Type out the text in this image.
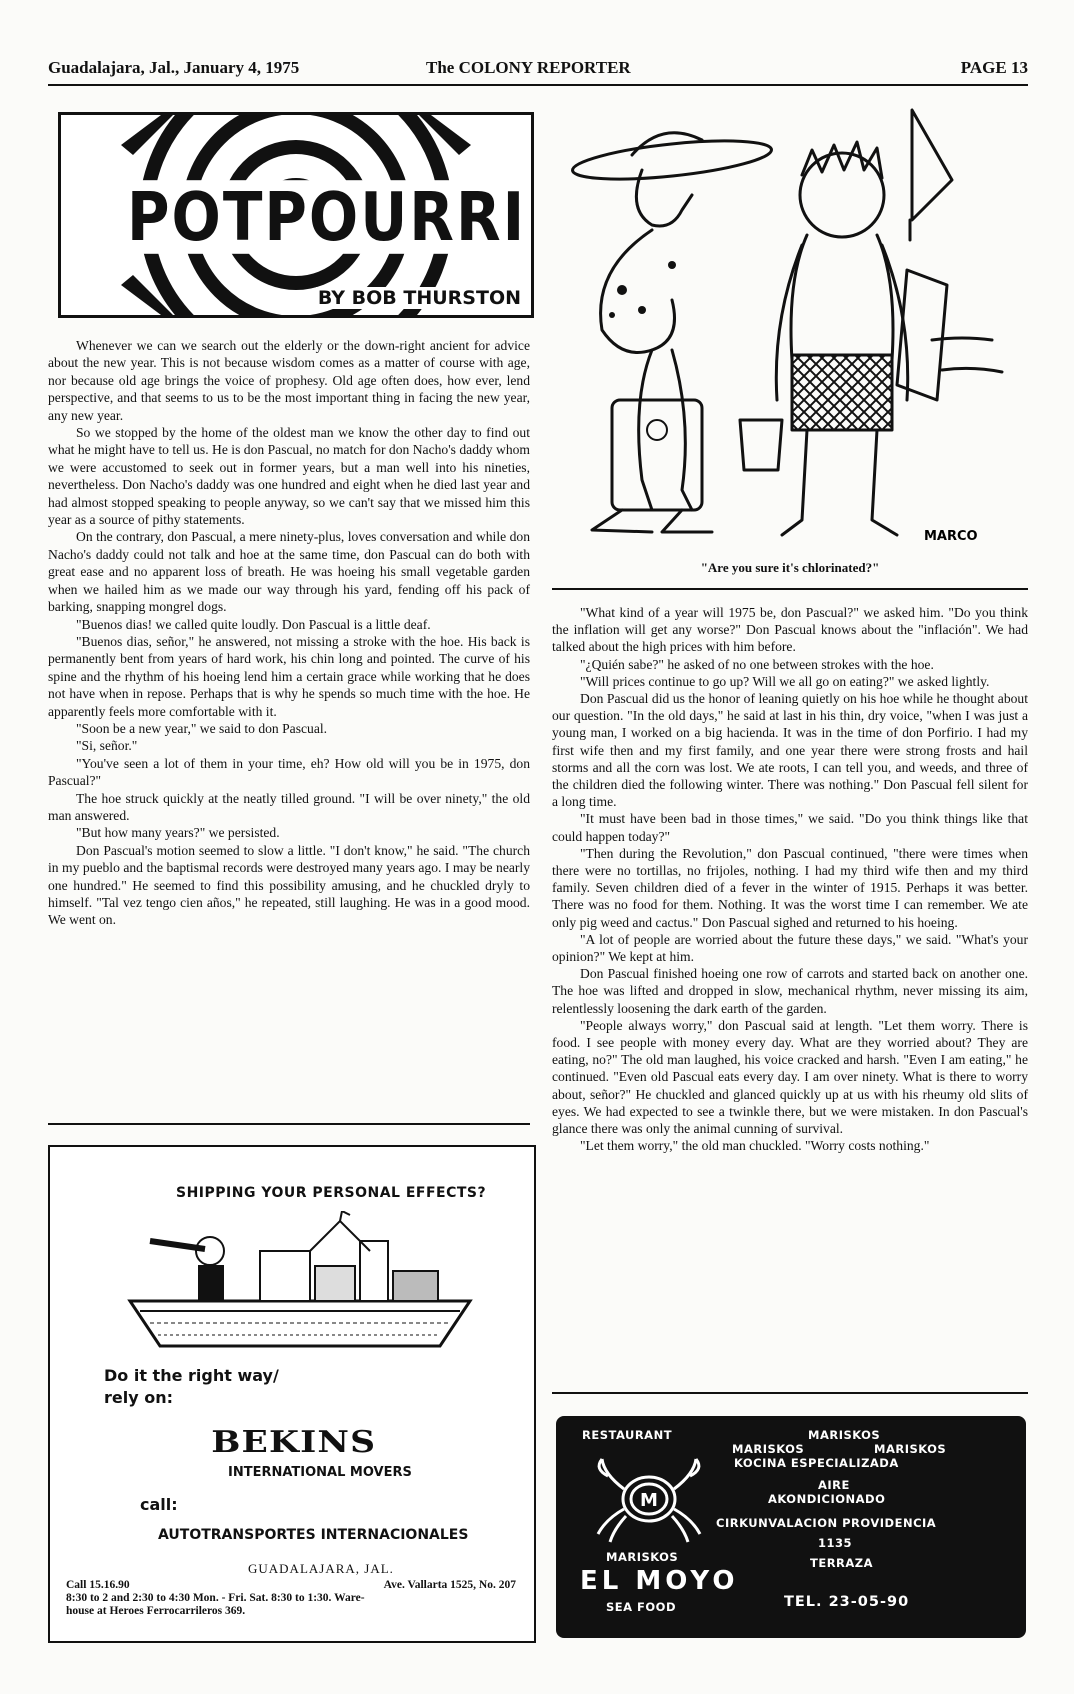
Guadalajara, Jal., January 4, 1975	The COLONY REPORTER	PAGE 13
POTPOURRI
BY BOB THURSTON

Whenever we can we search out the elderly or the down-right ancient for advice about the new year. This is not because wisdom comes as a matter of course with age, nor because old age brings the voice of prophesy. Old age often does, how ever, lend perspective, and that seems to us to be the most important thing in facing the new year, any new year.

So we stopped by the home of the oldest man we know the other day to find out what he might have to tell us. He is don Pascual, no match for don Nacho's daddy whom we were accustomed to seek out in former years, but a man well into his nineties, nevertheless. Don Nacho's daddy was one hundred and eight when he died last year and had almost stopped speaking to people anyway, so we can't say that we missed him this year as a source of pithy statements.

On the contrary, don Pascual, a mere ninety-plus, loves conversation and while don Nacho's daddy could not talk and hoe at the same time, don Pascual can do both with great ease and no apparent loss of breath. He was hoeing his small vegetable garden when we hailed him as we made our way through his yard, fending off his pack of barking, snapping mongrel dogs.

"Buenos dias! we called quite loudly. Don Pascual is a little deaf.

"Buenos dias, señor," he answered, not missing a stroke with the hoe. His back is permanently bent from years of hard work, his chin long and pointed. The curve of his spine and the rhythm of his hoeing lend him a certain grace while working that he does not have when in repose. Perhaps that is why he spends so much time with the hoe. He apparently feels more comfortable with it.

"Soon be a new year," we said to don Pascual.

"Si, señor."

"You've seen a lot of them in your time, eh? How old will you be in 1975, don Pascual?"

The hoe struck quickly at the neatly tilled ground. "I will be over ninety," the old man answered.

"But how many years?" we persisted.

Don Pascual's motion seemed to slow a little. "I don't know," he said. "The church in my pueblo and the baptismal records were destroyed many years ago. I may be nearly one hundred." He seemed to find this possibility amusing, and he chuckled dryly to himself. "Tal vez tengo cien años," he repeated, still laughing. He was in a good mood. We went on.

SHIPPING YOUR PERSONAL EFFECTS?
Do it the right way/
rely on:
BEKINS
INTERNATIONAL MOVERS
call:
AUTOTRANSPORTES INTERNACIONALES
GUADALAJARA, JAL.
Call 15.16.90	Ave. Vallarta 1525, No. 207
8:30 to 2 and 2:30 to 4:30 Mon. - Fri. Sat. 8:30 to 1:30. Ware-
house at Heroes Ferrocarrileros 369.
MARCO
"Are you sure it's chlorinated?"

"What kind of a year will 1975 be, don Pascual?" we asked him. "Do you think the inflation will get any worse?" Don Pascual knows about the "inflación". We had talked about the high prices with him before.

"¿Quién sabe?" he asked of no one between strokes with the hoe.

"Will prices continue to go up? Will we all go on eating?" we asked lightly.

Don Pascual did us the honor of leaning quietly on his hoe while he thought about our question. "In the old days," he said at last in his thin, dry voice, "when I was just a young man, I worked on a big hacienda. It was in the time of don Porfirio. I had my first wife then and my first family, and one year there were strong frosts and hail storms and all the corn was lost. We ate roots, I can tell you, and weeds, and three of the children died the following winter. There was nothing." Don Pascual fell silent for a long time.

"It must have been bad in those times," we said. "Do you think things like that could happen today?"

"Then during the Revolution," don Pascual continued, "there were times when there were no tortillas, no frijoles, nothing. I had my third wife then and my third family. Seven children died of a fever in the winter of 1915. Perhaps it was better. There was no food for them. Nothing. It was the worst time I can remember. We ate only pig weed and cactus." Don Pascual sighed and returned to his hoeing.

"A lot of people are worried about the future these days," we said. "What's your opinion?" We kept at him.

Don Pascual finished hoeing one row of carrots and started back on another one. The hoe was lifted and dropped in slow, mechanical rhythm, never missing its aim, relentlessly loosening the dark earth of the garden.

"People always worry," don Pascual said at length. "Let them worry. There is food. I see people with money every day. What are they worried about? They are eating, no?" The old man laughed, his voice cracked and harsh. "Even I am eating," he continued. "Even old Pascual eats every day. I am over ninety. What is there to worry about, señor?" He chuckled and glanced quickly up at us with his rheumy old slits of eyes. We had expected to see a twinkle there, but we were mistaken. In don Pascual's glance there was only the animal cunning of survival.

"Let them worry," the old man chuckled. "Worry costs nothing."

RESTAURANT	MARISKOS
MARISKOS	MARISKOS
KOCINA ESPECIALIZADA
AIRE
AKONDICIONADO
CIRKUNVALACION PROVIDENCIA
1135
TERRAZA
MARISKOS
EL MOYO
SEA FOOD	TEL. 23-05-90
M
